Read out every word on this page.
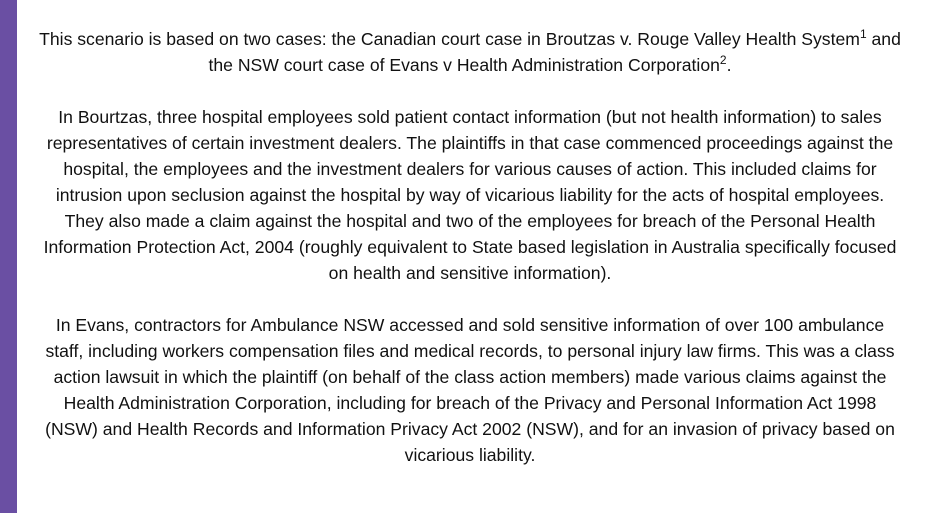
This scenario is based on two cases: the Canadian court case in Broutzas v. Rouge Valley Health System$^1$ and the NSW court case of Evans v Health Administration Corporation$^2$.

In Bourtzas, three hospital employees sold patient contact information (but not health information) to sales representatives of certain investment dealers. The plaintiffs in that case commenced proceedings against the hospital, the employees and the investment dealers for various causes of action. This included claims for intrusion upon seclusion against the hospital by way of vicarious liability for the acts of hospital employees. They also made a claim against the hospital and two of the employees for breach of the Personal Health Information Protection Act, 2004 (roughly equivalent to State based legislation in Australia specifically focused on health and sensitive information).

In Evans, contractors for Ambulance NSW accessed and sold sensitive information of over 100 ambulance staff, including workers compensation files and medical records, to personal injury law firms. This was a class action lawsuit in which the plaintiff (on behalf of the class action members) made various claims against the Health Administration Corporation, including for breach of the Privacy and Personal Information Act 1998 (NSW) and Health Records and Information Privacy Act 2002 (NSW), and for an invasion of privacy based on vicarious liability.
